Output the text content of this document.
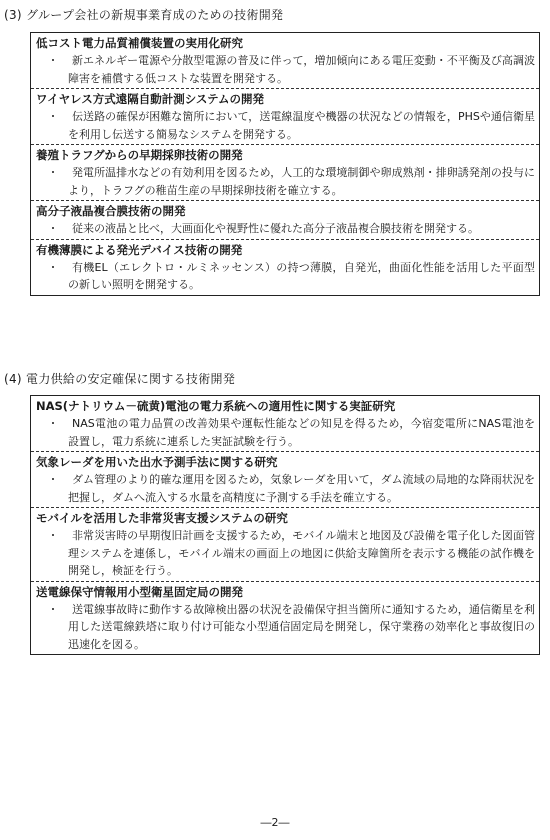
(3) グループ会社の新規事業育成のための技術開発
低コスト電力品質補償装置の実用化研究
・	新エネルギー電源や分散型電源の普及に伴って，増加傾向にある電圧変動・不平衡及び高調波障害を補償する低コストな装置を開発する。
ワイヤレス方式遠隔自動計測システムの開発
・	伝送路の確保が困難な箇所において，送電線温度や機器の状況などの情報を，PHSや通信衛星を利用し伝送する簡易なシステムを開発する。
養殖トラフグからの早期採卵技術の開発
・	発電所温排水などの有効利用を図るため，人工的な環境制御や卵成熟剤・排卵誘発剤の投与により，トラフグの稚苗生産の早期採卵技術を確立する。
高分子液晶複合膜技術の開発
・	従来の液晶と比べ，大画面化や視野性に優れた高分子液晶複合膜技術を開発する。
有機薄膜による発光デバイス技術の開発
・	有機EL（エレクトロ・ルミネッセンス）の持つ薄膜，自発光，曲面化性能を活用した平面型の新しい照明を開発する。
(4) 電力供給の安定確保に関する技術開発
NAS(ナトリウム－硫黄)電池の電力系統への適用性に関する実証研究
・	NAS電池の電力品質の改善効果や運転性能などの知見を得るため，今宿変電所にNAS電池を設置し，電力系統に連系した実証試験を行う。
気象レーダを用いた出水予測手法に関する研究
・	ダム管理のより的確な運用を図るため，気象レーダを用いて，ダム流域の局地的な降雨状況を把握し，ダムへ流入する水量を高精度に予測する手法を確立する。
モバイルを活用した非常災害支援システムの研究
・	非常災害時の早期復旧計画を支援するため，モバイル端末と地図及び設備を電子化した図面管理システムを連係し，モバイル端末の画面上の地図に供給支障箇所を表示する機能の試作機を開発し，検証を行う。
送電線保守情報用小型衛星固定局の開発
・	送電線事故時に動作する故障検出器の状況を設備保守担当箇所に通知するため，通信衛星を利用した送電線鉄塔に取り付け可能な小型通信固定局を開発し，保守業務の効率化と事故復旧の迅速化を図る。
―2―
